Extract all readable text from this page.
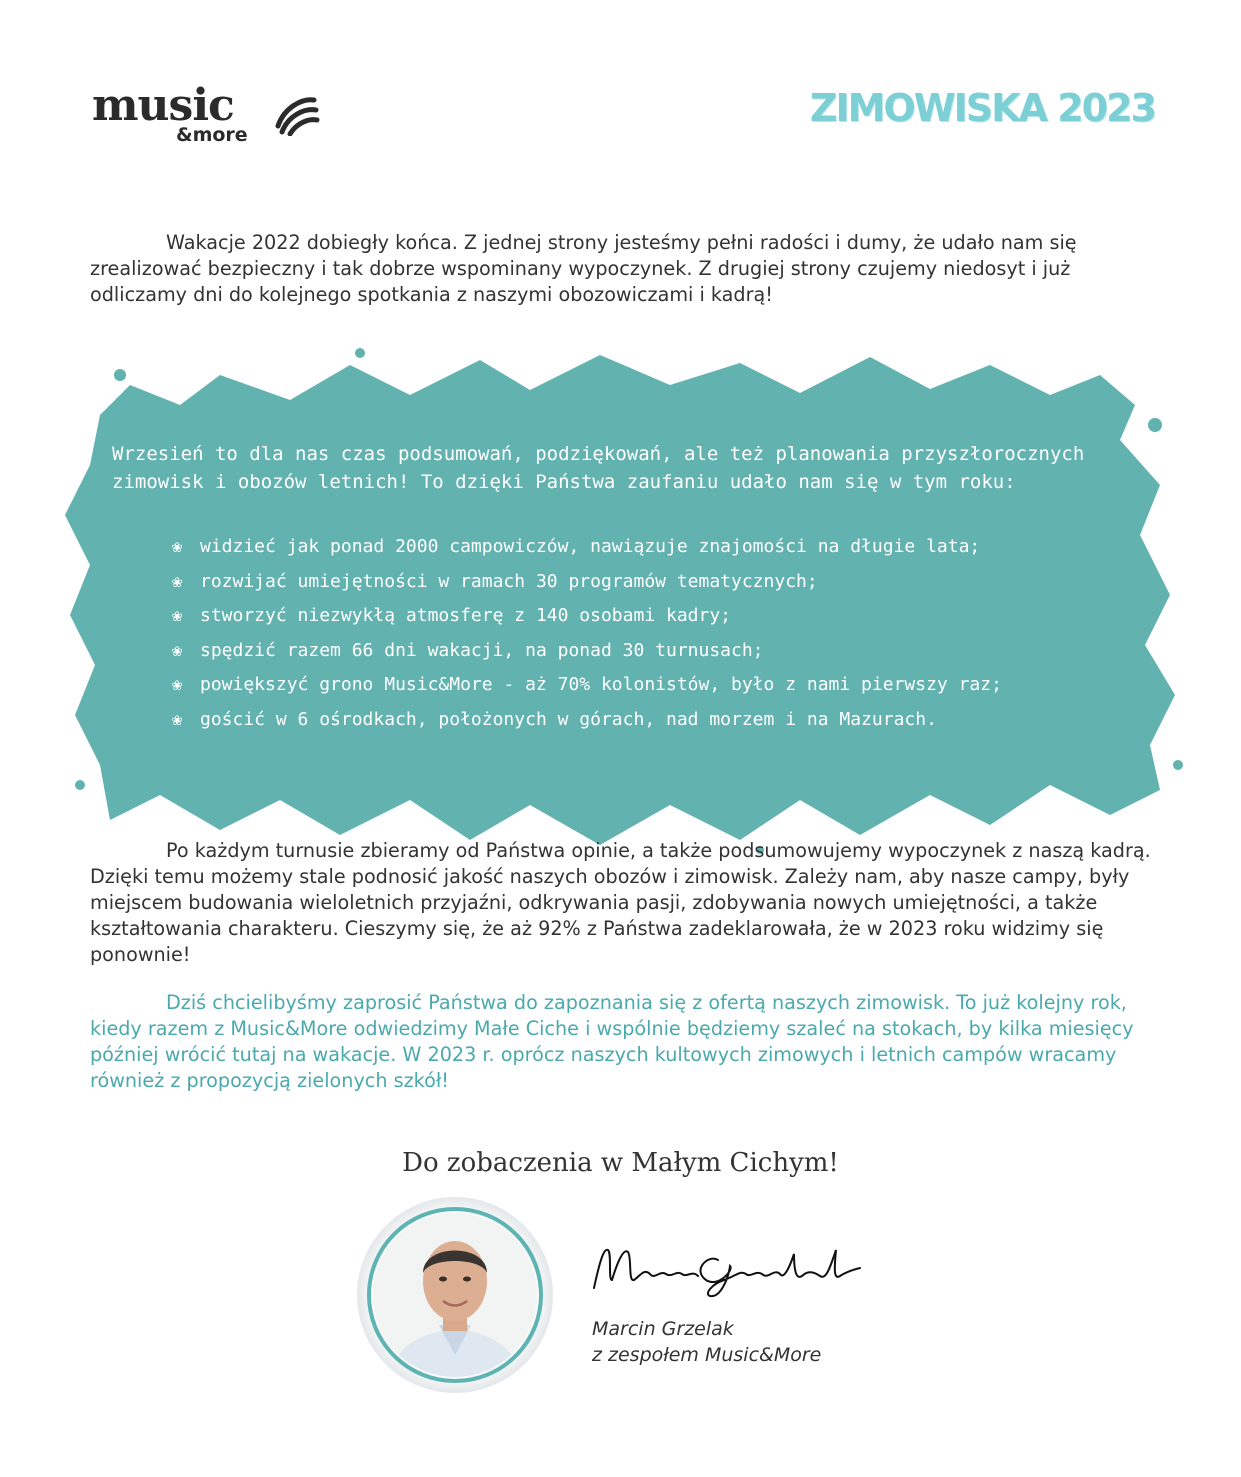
music
&more
ZIMOWISKA 2023

Wakacje 2022 dobiegły końca. Z jednej strony jesteśmy pełni radości i dumy, że udało nam się zrealizować bezpieczny i tak dobrze wspominany wypoczynek. Z drugiej strony czujemy niedosyt i już odliczamy dni do kolejnego spotkania z naszymi obozowiczami i kadrą!

Wrzesień to dla nas czas podsumowań, podziękowań, ale też planowania przyszłorocznych zimowisk i obozów letnich! To dzięki Państwa zaufaniu udało nam się w tym roku:

❀ widzieć jak ponad 2000 campowiczów, nawiązuje znajomości na długie lata;
❀ rozwijać umiejętności w ramach 30 programów tematycznych;
❀ stworzyć niezwykłą atmosferę z 140 osobami kadry;
❀ spędzić razem 66 dni wakacji, na ponad 30 turnusach;
❀ powiększyć grono Music&More - aż 70% kolonistów, było z nami pierwszy raz;
❀ gościć w 6 ośrodkach, położonych w górach, nad morzem i na Mazurach.

Po każdym turnusie zbieramy od Państwa opinie, a także podsumowujemy wypoczynek z naszą kadrą. Dzięki temu możemy stale podnosić jakość naszych obozów i zimowisk. Zależy nam, aby nasze campy, były miejscem budowania wieloletnich przyjaźni, odkrywania pasji, zdobywania nowych umiejętności, a także kształtowania charakteru. Cieszymy się, że aż 92% z Państwa zadeklarowała, że w 2023 roku widzimy się ponownie!

Dziś chcielibyśmy zaprosić Państwa do zapoznania się z ofertą naszych zimowisk. To już kolejny rok, kiedy razem z Music&More odwiedzimy Małe Ciche i wspólnie będziemy szaleć na stokach, by kilka miesięcy później wrócić tutaj na wakacje. W 2023 r. oprócz naszych kultowych zimowych i letnich campów wracamy również z propozycją zielonych szkół!

Do zobaczenia w Małym Cichym!

Marcin Grzelak
z zespołem Music&More
